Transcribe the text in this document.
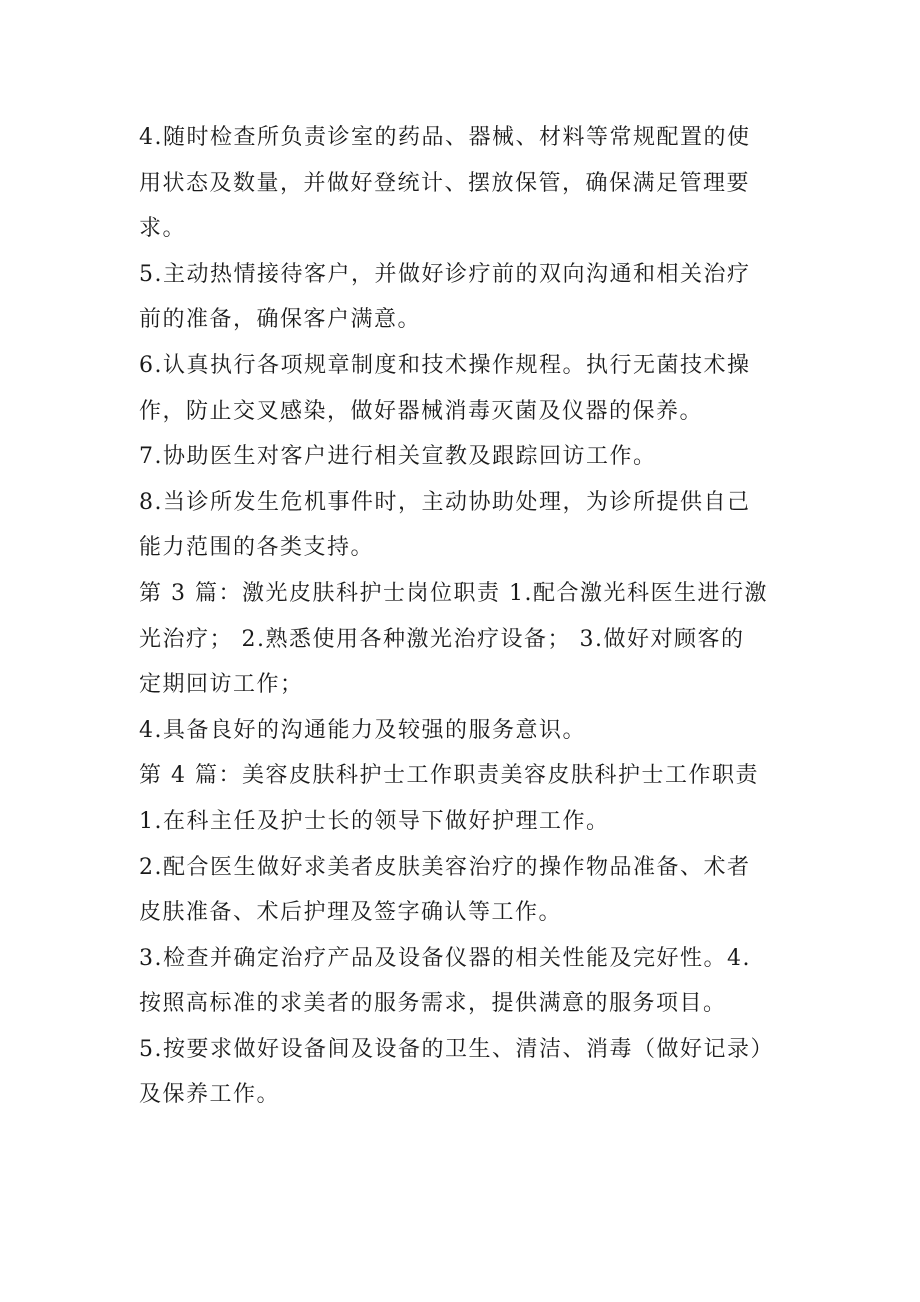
4.随时检查所负责诊室的药品、器械、材料等常规配置的使
用状态及数量，并做好登统计、摆放保管，确保满足管理要
求。
5.主动热情接待客户，并做好诊疗前的双向沟通和相关治疗
前的准备，确保客户满意。
6.认真执行各项规章制度和技术操作规程。执行无菌技术操
作，防止交叉感染，做好器械消毒灭菌及仪器的保养。
7.协助医生对客户进行相关宣教及跟踪回访工作。
8.当诊所发生危机事件时，主动协助处理，为诊所提供自己
能力范围的各类支持。
第 3 篇：激光皮肤科护士岗位职责 1.配合激光科医生进行激
光治疗； 2.熟悉使用各种激光治疗设备； 3.做好对顾客的
定期回访工作；
4.具备良好的沟通能力及较强的服务意识。
第 4 篇：美容皮肤科护士工作职责美容皮肤科护士工作职责
1.在科主任及护士长的领导下做好护理工作。
2.配合医生做好求美者皮肤美容治疗的操作物品准备、术者
皮肤准备、术后护理及签字确认等工作。
3.检查并确定治疗产品及设备仪器的相关性能及完好性。4.
按照高标准的求美者的服务需求，提供满意的服务项目。
5.按要求做好设备间及设备的卫生、清洁、消毒（做好记录）
及保养工作。
